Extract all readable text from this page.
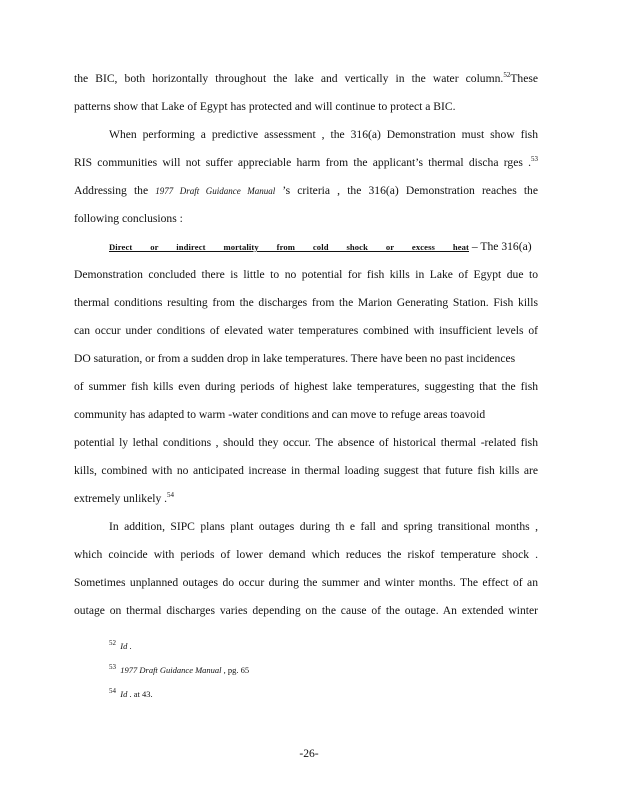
the BIC, both horizontally throughout the lake and vertically in the water column.$^{52}$These
patterns show that Lake of Egypt has protected and will continue to protect a BIC.
When performing a predictive assessment , the 316(a) Demonstration must show fish
RIS communities will not suffer appreciable harm from the applicant’s thermal discha rges .$^{53}$
Addressing the 1977 Draft Guidance Manual ’s criteria , the 316(a) Demonstration reaches the
following conclusions :
Direct or indirect mortality from cold shock or excess heat – The 316(a)
Demonstration concluded there is little to no potential for fish kills in Lake of Egypt due to
thermal conditions resulting from the discharges from the Marion Generating Station. Fish kills
can occur under conditions of elevated water temperatures combined with insufficient levels of
DO saturation, or from a sudden drop in lake temperatures. There have been no past incidences
of summer fish kills even during periods of highest lake temperatures, suggesting that the fish
community has adapted to warm -water conditions and can move to refuge areas toavoid
potential ly lethal conditions , should they occur. The absence of historical thermal -related fish
kills, combined with no anticipated increase in thermal loading suggest that future fish kills are
extremely unlikely .$^{54}$
In addition, SIPC plans plant outages during th e fall and spring transitional months ,
which coincide with periods of lower demand which reduces the riskof temperature shock .
Sometimes unplanned outages do occur during the summer and winter months. The effect of an
outage on thermal discharges varies depending on the cause of the outage. An extended winter
$^{52}$ Id .
$^{53}$ 1977 Draft Guidance Manual , pg. 65
$^{54}$ Id . at 43.
-26-
